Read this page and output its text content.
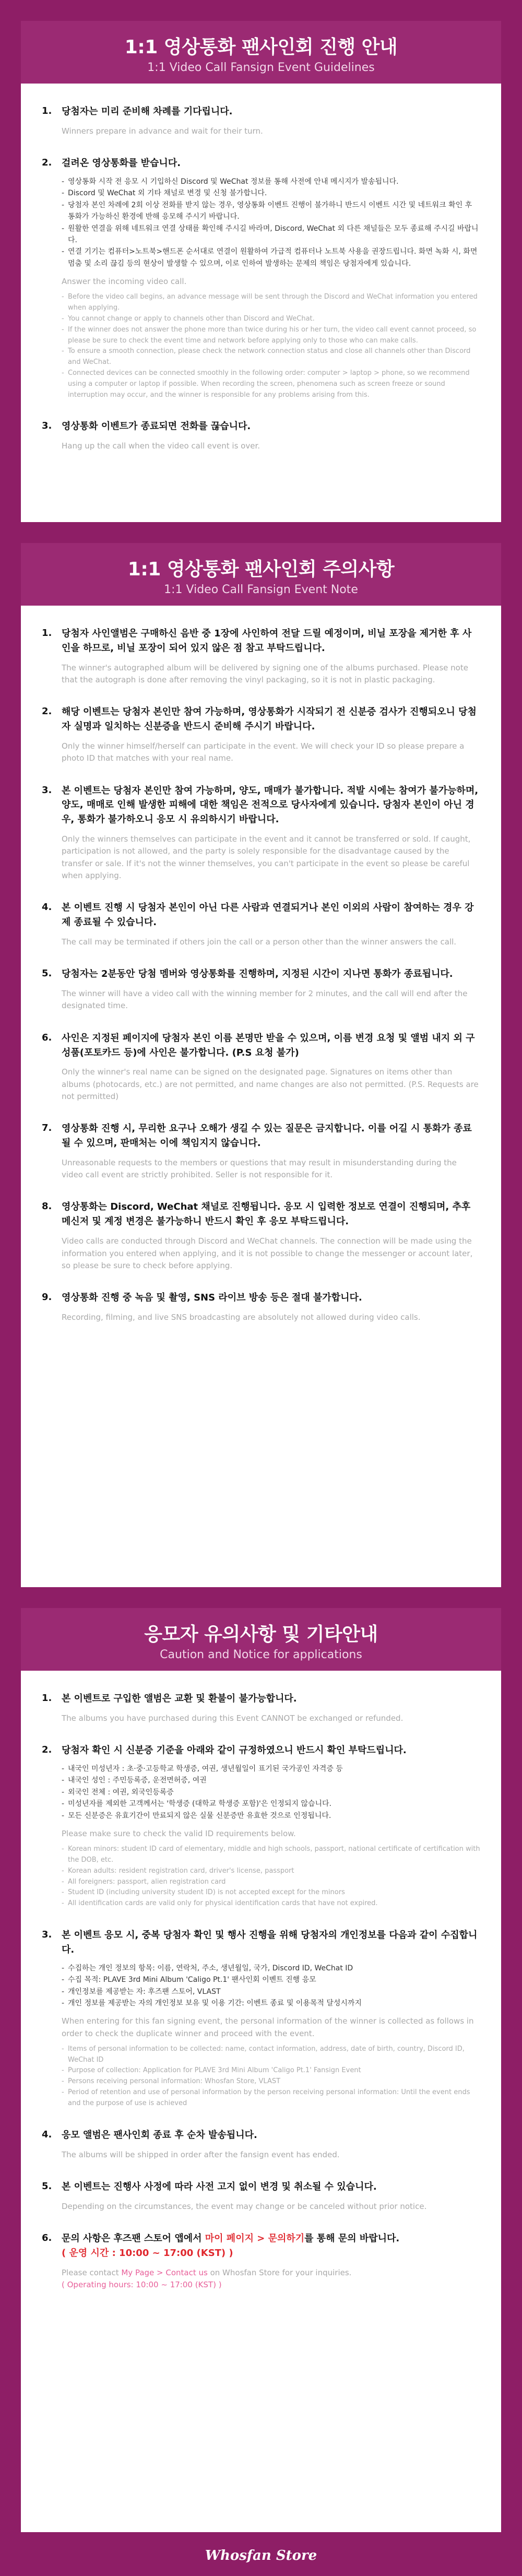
1:1 영상통화 팬사인회 진행 안내
1:1 Video Call Fansign Event Guidelines
1.	당첨자는 미리 준비해 차례를 기다립니다.
Winners prepare in advance and wait for their turn.
2.	걸려온 영상통화를 받습니다.
- 영상통화 시작 전 응모 시 기입하신 Discord 및 WeChat 정보를 통해 사전에 안내 메시지가 발송됩니다.
- Discord 및 WeChat 외 기타 채널로 변경 및 신청 불가합니다.
- 당첨자 본인 차례에 2회 이상 전화를 받지 않는 경우, 영상통화 이벤트 진행이 불가하니 반드시 이벤트 시간 및 네트워크 확인 후 통화가 가능하신 환경에 반해 응모해 주시기 바랍니다.
- 원활한 연결을 위해 네트워크 연결 상태를 확인해 주시길 바라며, Discord, WeChat 외 다른 채널들은 모두 종료해 주시길 바랍니다.
- 연결 기기는 컴퓨터>노트북>핸드폰 순서대로 연결이 원활하여 가급적 컴퓨터나 노트북 사용을 권장드립니다. 화면 녹화 시, 화면 멈춤 및 소리 끊김 등의 현상이 발생할 수 있으며, 이로 인하여 발생하는 문제의 책임은 당첨자에게 있습니다.
Answer the incoming video call.
- Before the video call begins, an advance message will be sent through the Discord and WeChat information you entered when applying.
- You cannot change or apply to channels other than Discord and WeChat.
- If the winner does not answer the phone more than twice during his or her turn, the video call event cannot proceed, so please be sure to check the event time and network before applying only to those who can make calls.
- To ensure a smooth connection, please check the network connection status and close all channels other than Discord and WeChat.
- Connected devices can be connected smoothly in the following order: computer > laptop > phone, so we recommend using a computer or laptop if possible. When recording the screen, phenomena such as screen freeze or sound interruption may occur, and the winner is responsible for any problems arising from this.
3.	영상통화 이벤트가 종료되면 전화를 끊습니다.
Hang up the call when the video call event is over.
1:1 영상통화 팬사인회 주의사항
1:1 Video Call Fansign Event Note
1.	당첨자 사인앨범은 구매하신 음반 중 1장에 사인하여 전달 드릴 예정이며, 비닐 포장을 제거한 후 사인을 하므로, 비닐 포장이 되어 있지 않은 점 참고 부탁드립니다.
The winner's autographed album will be delivered by signing one of the albums purchased. Please note that the autograph is done after removing the vinyl packaging, so it is not in plastic packaging.
2.	해당 이벤트는 당첨자 본인만 참여 가능하며, 영상통화가 시작되기 전 신분증 검사가 진행되오니 당첨자 실명과 일치하는 신분증을 반드시 준비해 주시기 바랍니다.
Only the winner himself/herself can participate in the event. We will check your ID so please prepare a photo ID that matches with your real name.
3.	본 이벤트는 당첨자 본인만 참여 가능하며, 양도, 매매가 불가합니다. 적발 시에는 참여가 불가능하며, 양도, 매매로 인해 발생한 피해에 대한 책임은 전적으로 당사자에게 있습니다. 당첨자 본인이 아닌 경우, 통화가 불가하오니 응모 시 유의하시기 바랍니다.
Only the winners themselves can participate in the event and it cannot be transferred or sold. If caught, participation is not allowed, and the party is solely responsible for the disadvantage caused by the transfer or sale. If it's not the winner themselves, you can't participate in the event so please be careful when applying.
4.	본 이벤트 진행 시 당첨자 본인이 아닌 다른 사람과 연결되거나 본인 이외의 사람이 참여하는 경우 강제 종료될 수 있습니다.
The call may be terminated if others join the call or a person other than the winner answers the call.
5.	당첨자는 2분동안 당첨 멤버와 영상통화를 진행하며, 지정된 시간이 지나면 통화가 종료됩니다.
The winner will have a video call with the winning member for 2 minutes, and the call will end after the designated time.
6.	사인은 지정된 페이지에 당첨자 본인 이름 본명만 받을 수 있으며, 이름 변경 요청 및 앨범 내지 외 구성품(포토카드 등)에 사인은 불가합니다. (P.S 요청 불가)
Only the winner's real name can be signed on the designated page. Signatures on items other than albums (photocards, etc.) are not permitted, and name changes are also not permitted. (P.S. Requests are not permitted)
7.	영상통화 진행 시, 무리한 요구나 오해가 생길 수 있는 질문은 금지합니다. 이를 어길 시 통화가 종료될 수 있으며, 판매처는 이에 책임지지 않습니다.
Unreasonable requests to the members or questions that may result in misunderstanding during the video call event are strictly prohibited. Seller is not responsible for it.
8.	영상통화는 Discord, WeChat 채널로 진행됩니다. 응모 시 입력한 정보로 연결이 진행되며, 추후 메신저 및 계정 변경은 불가능하니 반드시 확인 후 응모 부탁드립니다.
Video calls are conducted through Discord and WeChat channels. The connection will be made using the information you entered when applying, and it is not possible to change the messenger or account later, so please be sure to check before applying.
9.	영상통화 진행 중 녹음 및 촬영, SNS 라이브 방송 등은 절대 불가합니다.
Recording, filming, and live SNS broadcasting are absolutely not allowed during video calls.
응모자 유의사항 및 기타안내
Caution and Notice for applications
1.	본 이벤트로 구입한 앨범은 교환 및 환불이 불가능합니다.
The albums you have purchased during this Event CANNOT be exchanged or refunded.
2.	당첨자 확인 시 신분증 기준을 아래와 같이 규정하였으니 반드시 확인 부탁드립니다.
- 내국인 미성년자 : 초·중·고등학교 학생증, 여권, 생년월일이 표기된 국가공인 자격증 등
- 내국인 성인 : 주민등록증, 운전면허증, 여권
- 외국인 전체 : 여권, 외국인등록증
- 미성년자를 제외한 고객께서는 '학생증 (대학교 학생증 포함)'은 인정되지 않습니다.
- 모든 신분증은 유효기간이 만료되지 않은 실물 신분증만 유효한 것으로 인정됩니다.
Please make sure to check the valid ID requirements below.
- Korean minors: student ID card of elementary, middle and high schools, passport, national certificate of certification with the DOB, etc.
- Korean adults: resident registration card, driver's license, passport
- All foreigners: passport, alien registration card
- Student ID (including university student ID) is not accepted except for the minors
- All identification cards are valid only for physical identification cards that have not expired.
3.	본 이벤트 응모 시, 중복 당첨자 확인 및 행사 진행을 위해 당첨자의 개인정보를 다음과 같이 수집합니다.
- 수집하는 개인 정보의 항목: 이름, 연락처, 주소, 생년월일, 국가, Discord ID, WeChat ID
- 수집 목적: PLAVE 3rd Mini Album 'Caligo Pt.1' 팬사인회 이벤트 진행 응모
- 개인정보를 제공받는 자: 후즈팬 스토어, VLAST
- 개인 정보를 제공받는 자의 개인정보 보유 및 이용 기간: 이벤트 종료 및 이용목적 달성시까지
When entering for this fan signing event, the personal information of the winner is collected as follows in order to check the duplicate winner and proceed with the event.
- Items of personal information to be collected: name, contact information, address, date of birth, country, Discord ID, WeChat ID
- Purpose of collection: Application for PLAVE 3rd Mini Album 'Caligo Pt.1' Fansign Event
- Persons receiving personal information: Whosfan Store, VLAST
- Period of retention and use of personal information by the person receiving personal information: Until the event ends and the purpose of use is achieved
4.	응모 앨범은 팬사인회 종료 후 순차 발송됩니다.
The albums will be shipped in order after the fansign event has ended.
5.	본 이벤트는 진행사 사정에 따라 사전 고지 없이 변경 및 취소될 수 있습니다.
Depending on the circumstances, the event may change or be canceled without prior notice.
6.	문의 사항은 후즈팬 스토어 앱에서 마이 페이지 > 문의하기를 통해 문의 바랍니다.
( 운영 시간 : 10:00 ~ 17:00 (KST) )
Please contact My Page > Contact us on Whosfan Store for your inquiries.
( Operating hours: 10:00 ~ 17:00 (KST) )
Whosfan Store
